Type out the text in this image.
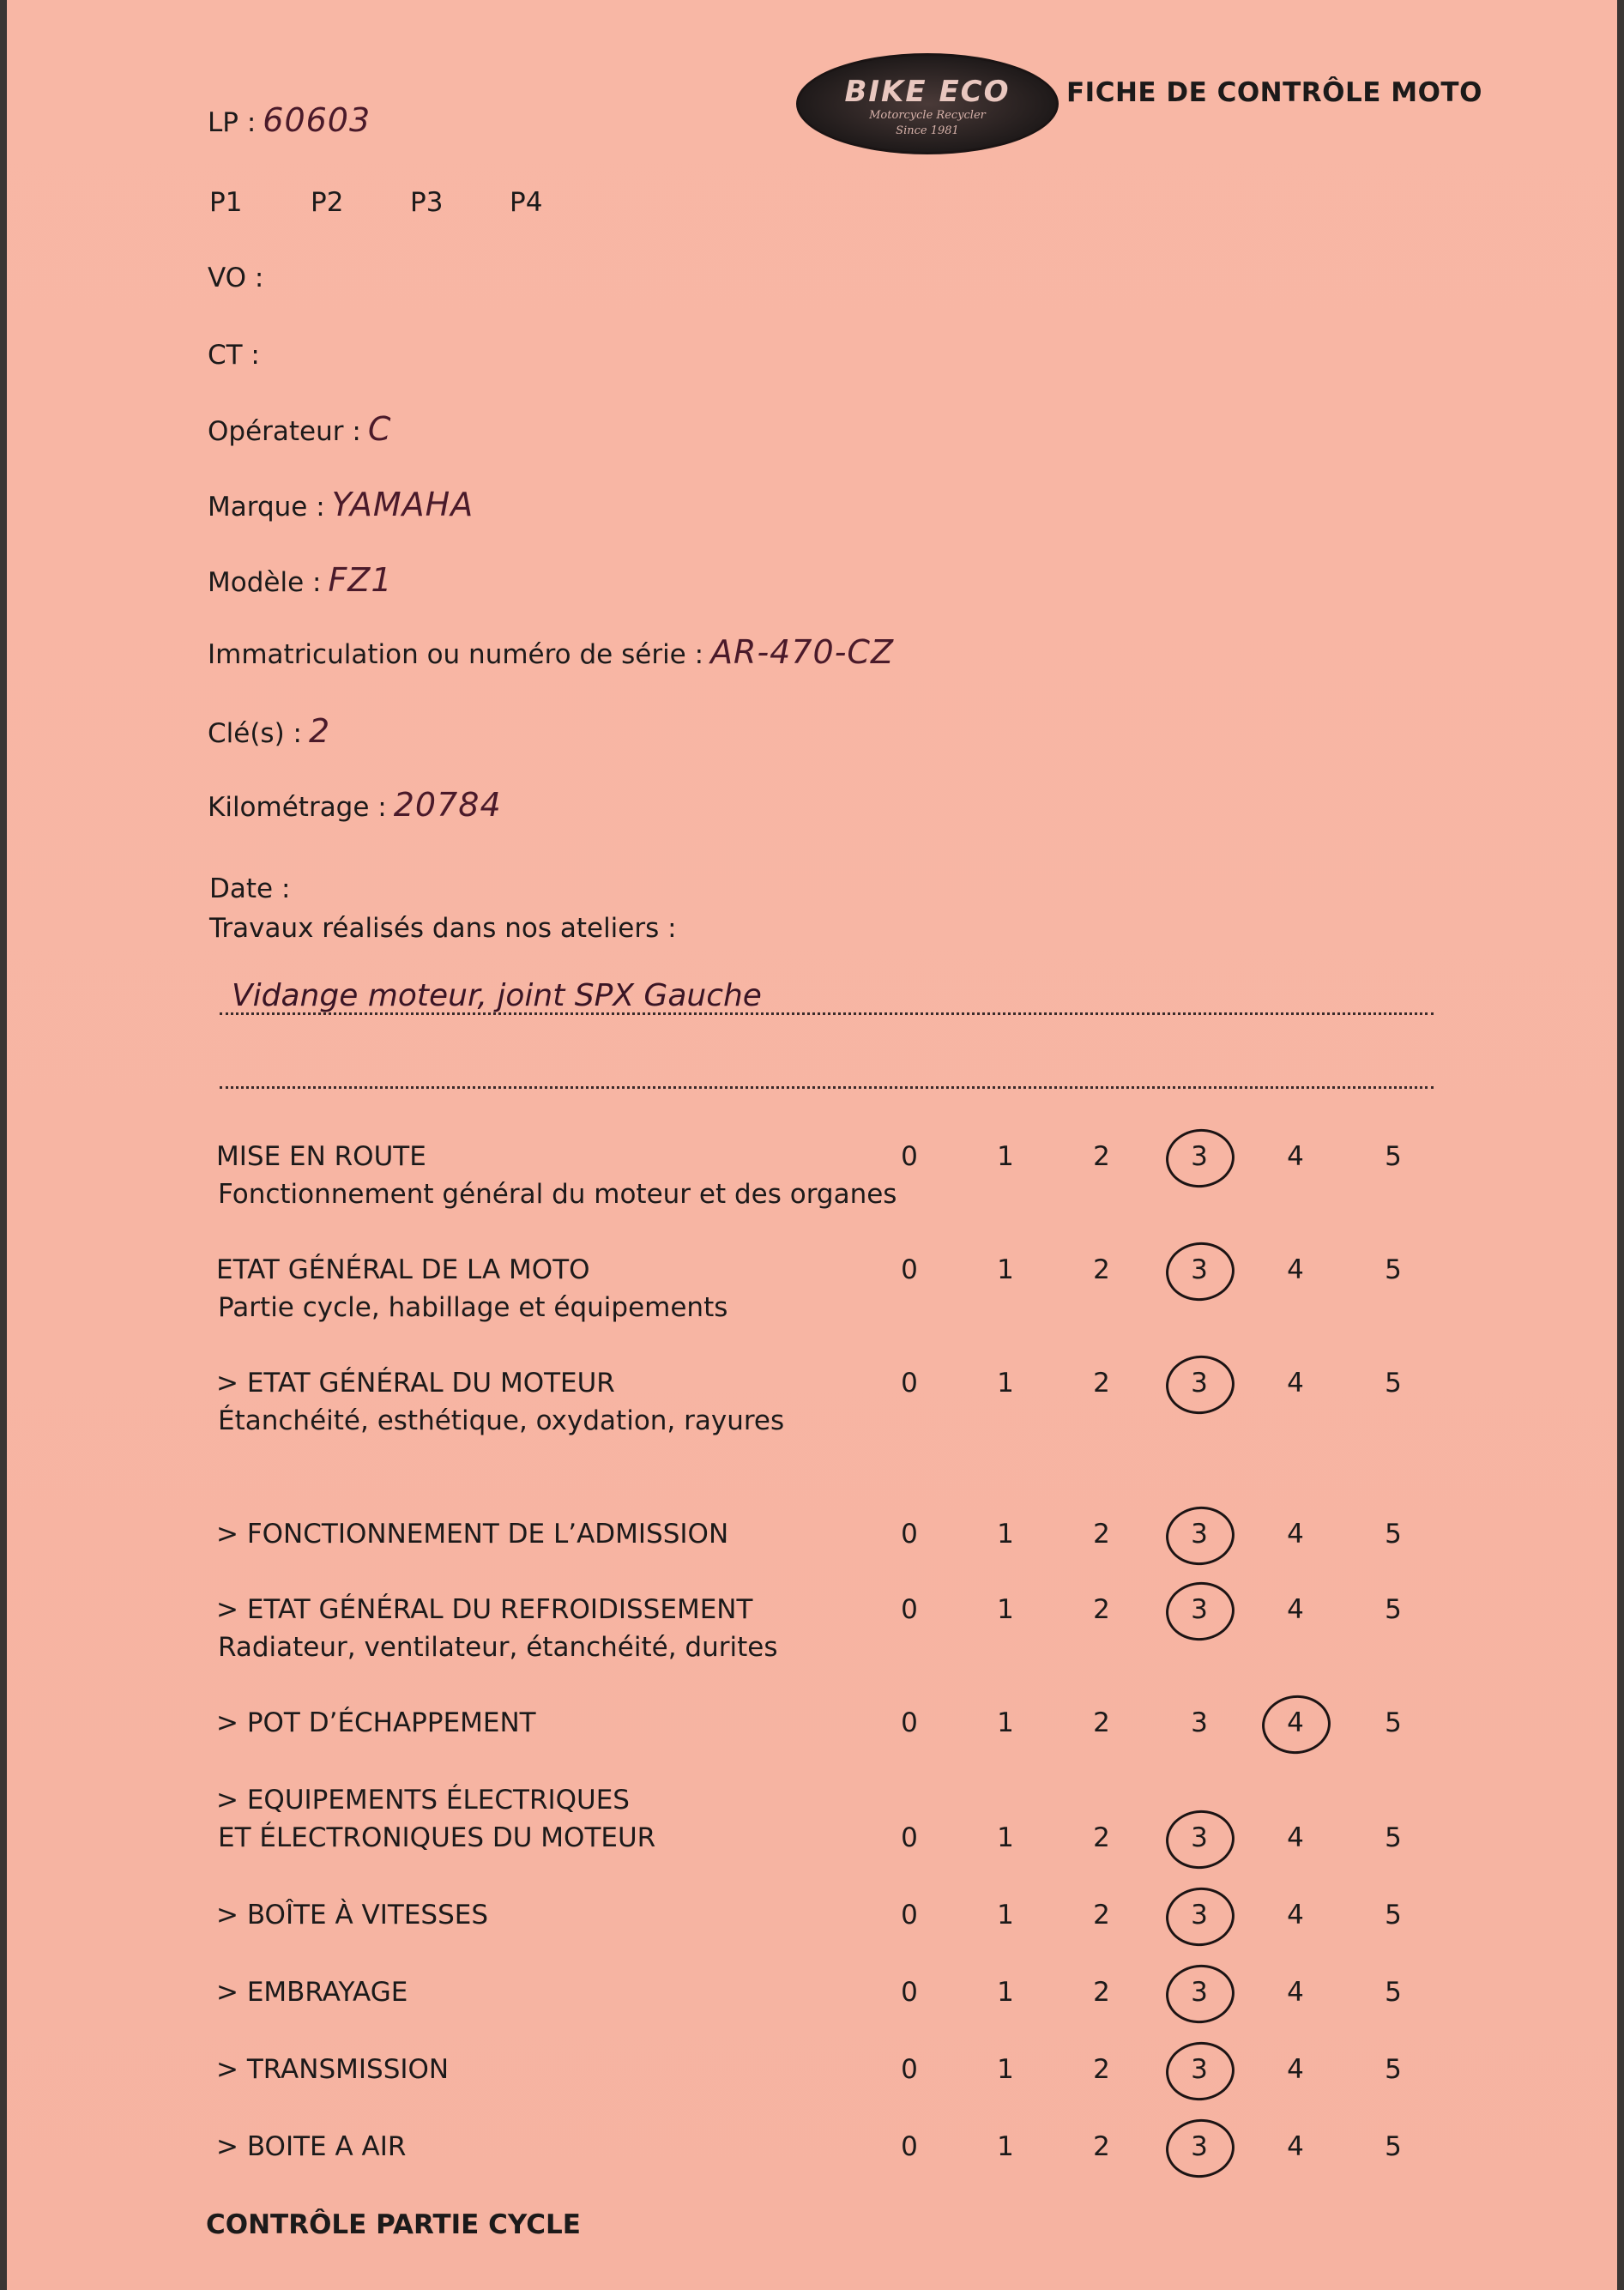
BIKE ECO
Motorcycle Recycler
Since 1981
FICHE DE CONTRÔLE MOTO
LP : 60603
P1	P2	P3	P4
VO :
CT :
Opérateur : C
Marque : YAMAHA
Modèle : FZ1
Immatriculation ou numéro de série : AR-470-CZ
Clé(s) : 2
Kilométrage : 20784
Date :
Travaux réalisés dans nos ateliers :
Vidange moteur, joint SPX Gauche
MISE EN ROUTE
Fonctionnement général du moteur et des organes
0	1	2	3	4	5
ETAT GÉNÉRAL DE LA MOTO
Partie cycle, habillage et équipements
0	1	2	3	4	5
> ETAT GÉNÉRAL DU MOTEUR
Étanchéité, esthétique, oxydation, rayures
0	1	2	3	4	5
> FONCTIONNEMENT DE L’ADMISSION	0	1	2	3	4	5
> ETAT GÉNÉRAL DU REFROIDISSEMENT
Radiateur, ventilateur, étanchéité, durites
0	1	2	3	4	5
> POT D’ÉCHAPPEMENT	0	1	2	3	4	5
> EQUIPEMENTS ÉLECTRIQUES
ET ÉLECTRONIQUES DU MOTEUR	0	1	2	3	4	5
> BOÎTE À VITESSES	0	1	2	3	4	5
> EMBRAYAGE	0	1	2	3	4	5
> TRANSMISSION	0	1	2	3	4	5
> BOITE A AIR	0	1	2	3	4	5
CONTRÔLE PARTIE CYCLE
